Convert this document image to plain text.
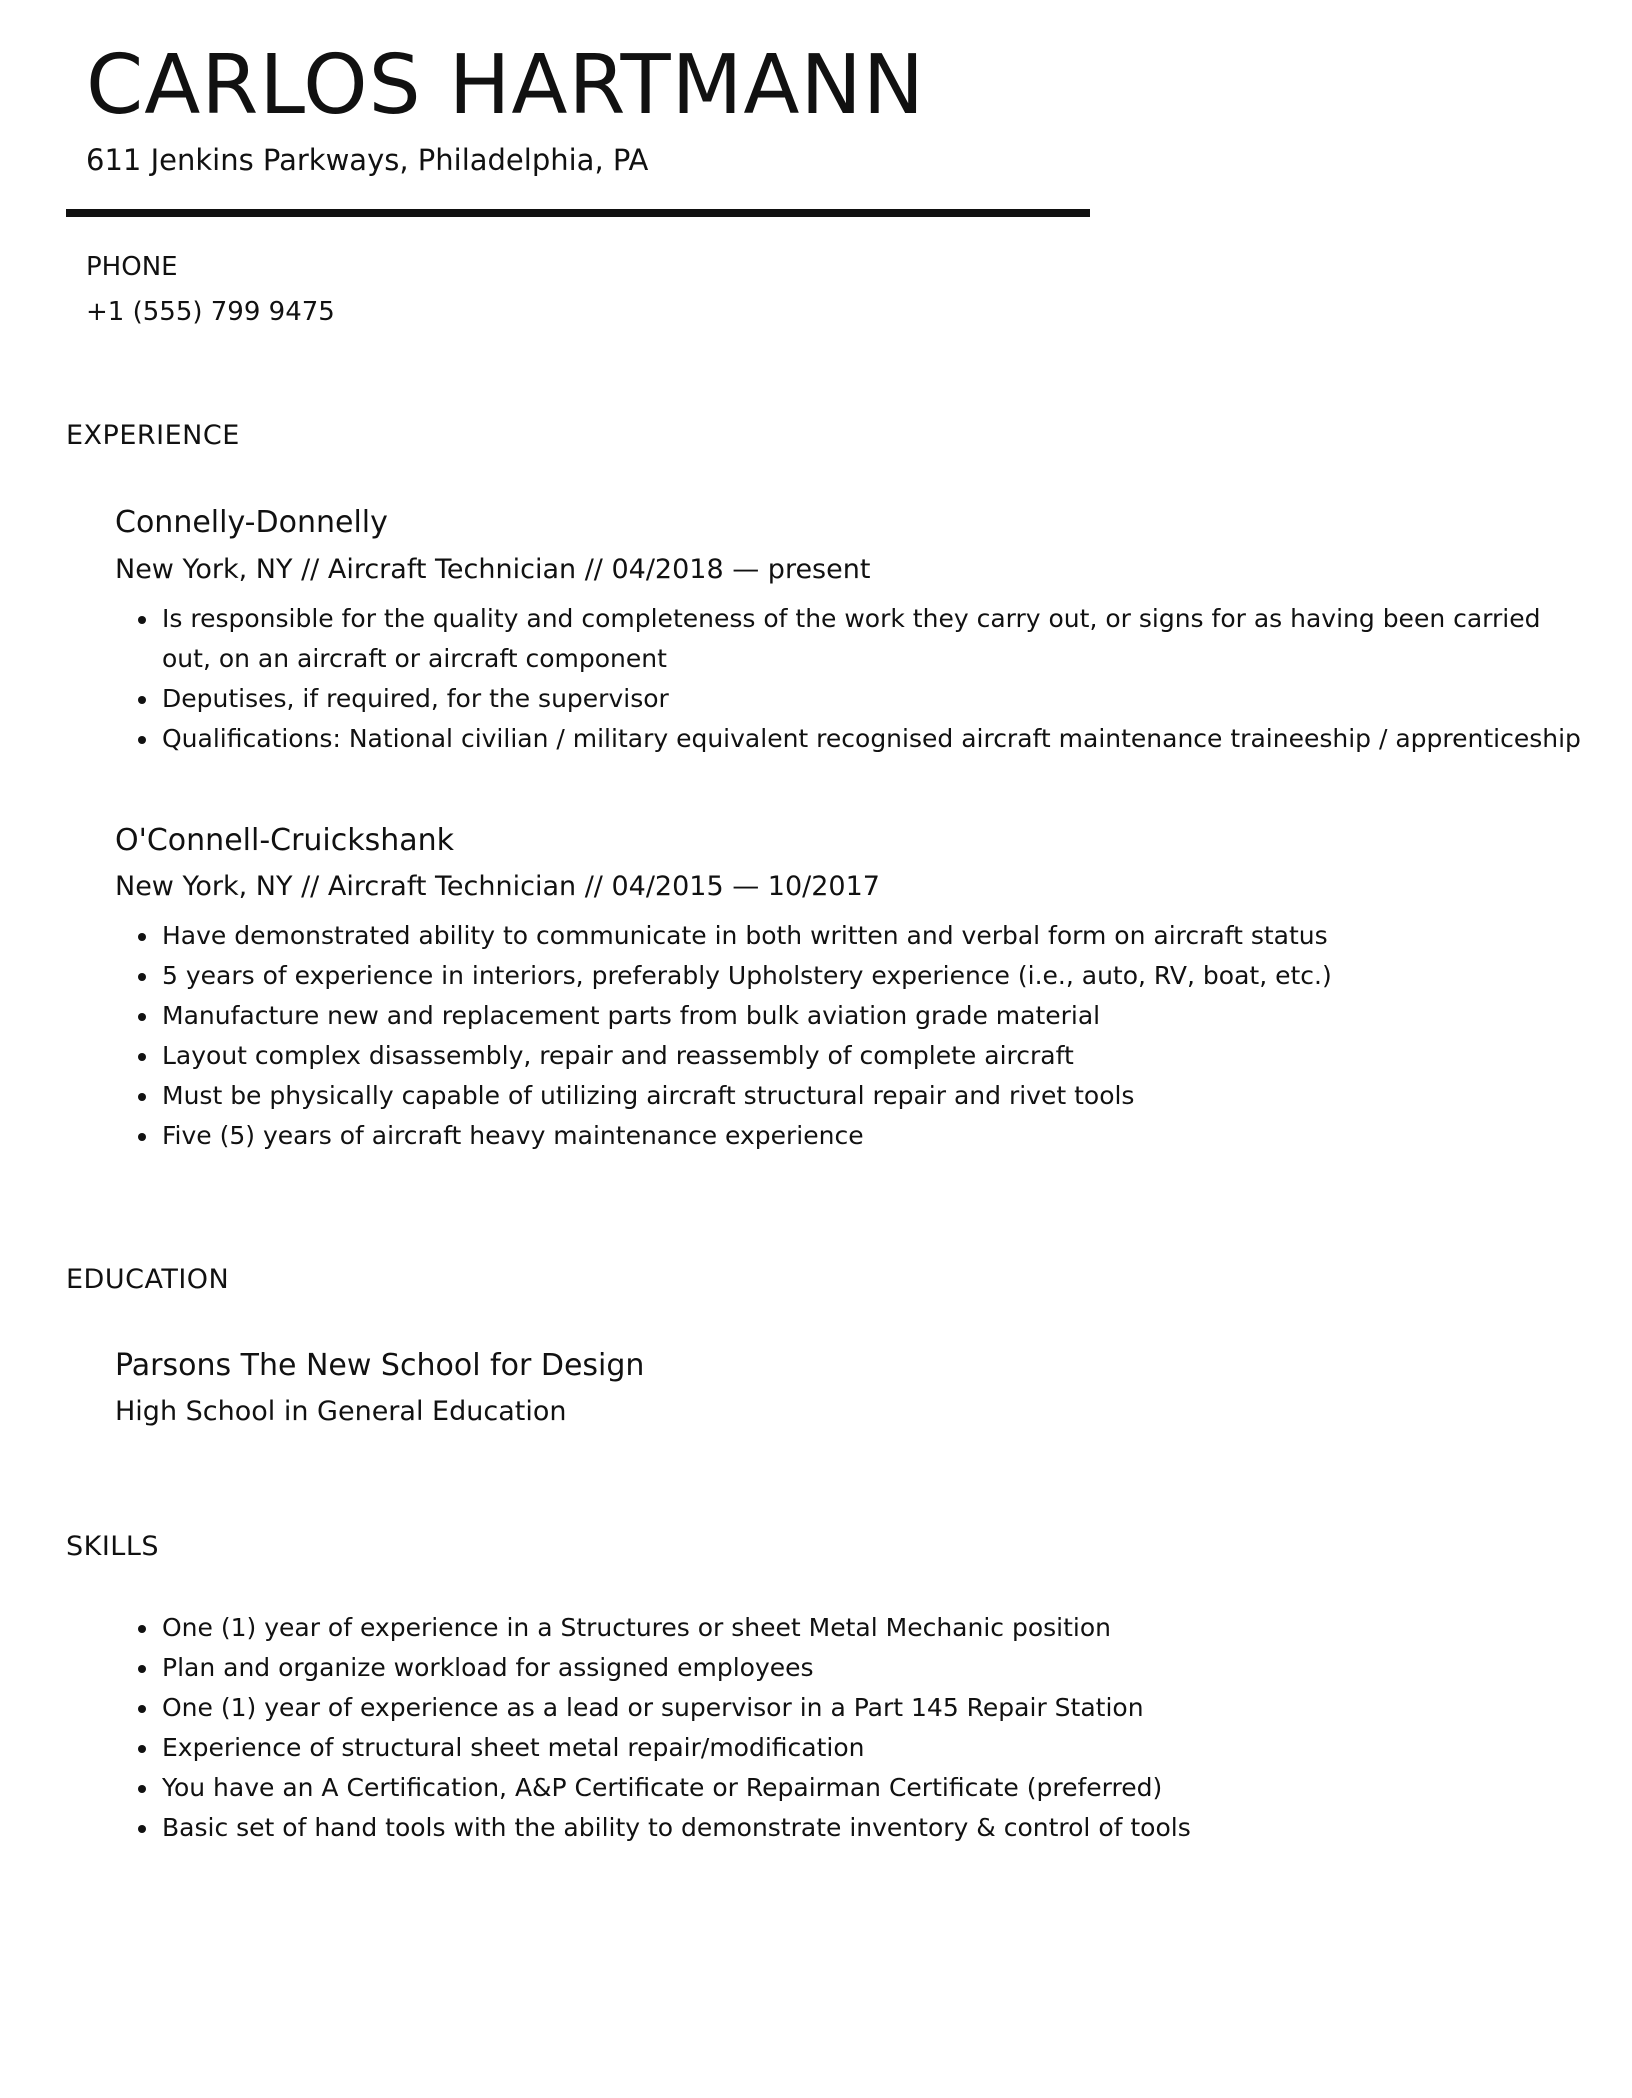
CARLOS HARTMANN
611 Jenkins Parkways, Philadelphia, PA
PHONE
+1 (555) 799 9475
EXPERIENCE
Connelly-Donnelly
New York, NY // Aircraft Technician // 04/2018 — present
Is responsible for the quality and completeness of the work they carry out, or signs for as having been carried out, on an aircraft or aircraft component
Deputises, if required, for the supervisor
Qualifications: National civilian / military equivalent recognised aircraft maintenance traineeship / apprenticeship
O'Connell-Cruickshank
New York, NY // Aircraft Technician // 04/2015 — 10/2017
Have demonstrated ability to communicate in both written and verbal form on aircraft status
5 years of experience in interiors, preferably Upholstery experience (i.e., auto, RV, boat, etc.)
Manufacture new and replacement parts from bulk aviation grade material
Layout complex disassembly, repair and reassembly of complete aircraft
Must be physically capable of utilizing aircraft structural repair and rivet tools
Five (5) years of aircraft heavy maintenance experience
EDUCATION
Parsons The New School for Design
High School in General Education
SKILLS
One (1) year of experience in a Structures or sheet Metal Mechanic position
Plan and organize workload for assigned employees
One (1) year of experience as a lead or supervisor in a Part 145 Repair Station
Experience of structural sheet metal repair/modification
You have an A Certification, A&P Certificate or Repairman Certificate (preferred)
Basic set of hand tools with the ability to demonstrate inventory & control of tools
